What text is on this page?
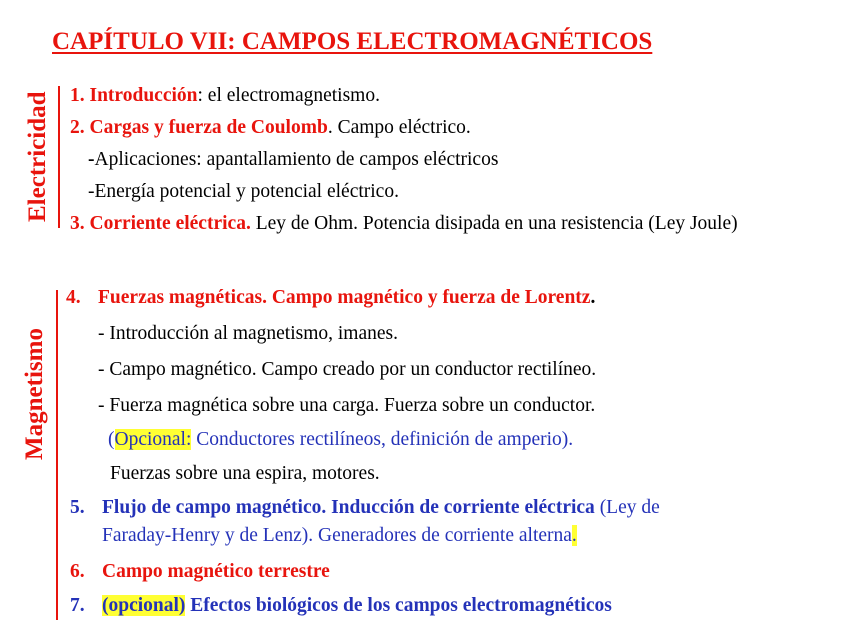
CAPÍTULO VII: CAMPOS ELECTROMAGNÉTICOS
Electricidad
Magnetismo
1. Introducción: el electromagnetismo.
2. Cargas y fuerza de Coulomb. Campo eléctrico.
-Aplicaciones: apantallamiento de campos eléctricos
-Energía potencial y potencial eléctrico.
3. Corriente eléctrica. Ley de Ohm. Potencia disipada en una resistencia (Ley Joule)
4. Fuerzas magnéticas. Campo magnético y fuerza de Lorentz.
- Introducción al magnetismo, imanes.
- Campo magnético. Campo creado por un conductor rectilíneo.
- Fuerza magnética sobre una carga. Fuerza sobre un conductor.
(Opcional: Conductores rectilíneos, definición de amperio).
Fuerzas sobre una espira, motores.
5. Flujo de campo magnético. Inducción de corriente eléctrica (Ley de
Faraday-Henry y de Lenz). Generadores de corriente alterna.
6. Campo magnético terrestre
7. (opcional) Efectos biológicos de los campos electromagnéticos
